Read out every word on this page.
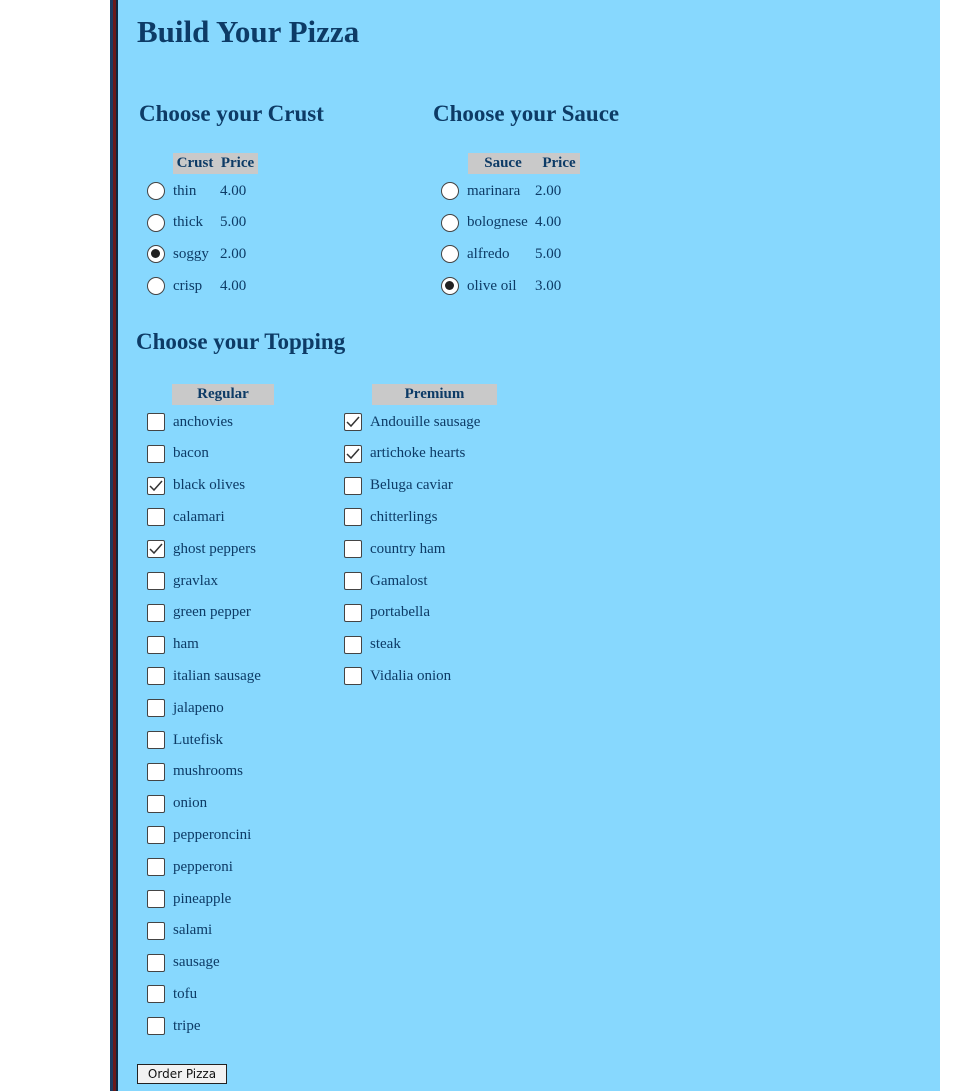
Build Your Pizza
Choose your Crust
Crust Price
thin 4.00
thick 5.00
soggy 2.00
crisp 4.00
Choose your Sauce
Sauce	Price
marinara 2.00
bolognese 4.00
alfredo 5.00
olive oil 3.00
Choose your Topping
Regular	Premium
anchovies
bacon
black olives
calamari
ghost peppers
gravlax
green pepper
ham
italian sausage
jalapeno
Lutefisk
mushrooms
onion
pepperoncini
pepperoni
pineapple
salami
sausage
tofu
tripe
Andouille sausage
artichoke hearts
Beluga caviar
chitterlings
country ham
Gamalost
portabella
steak
Vidalia onion
Order Pizza
